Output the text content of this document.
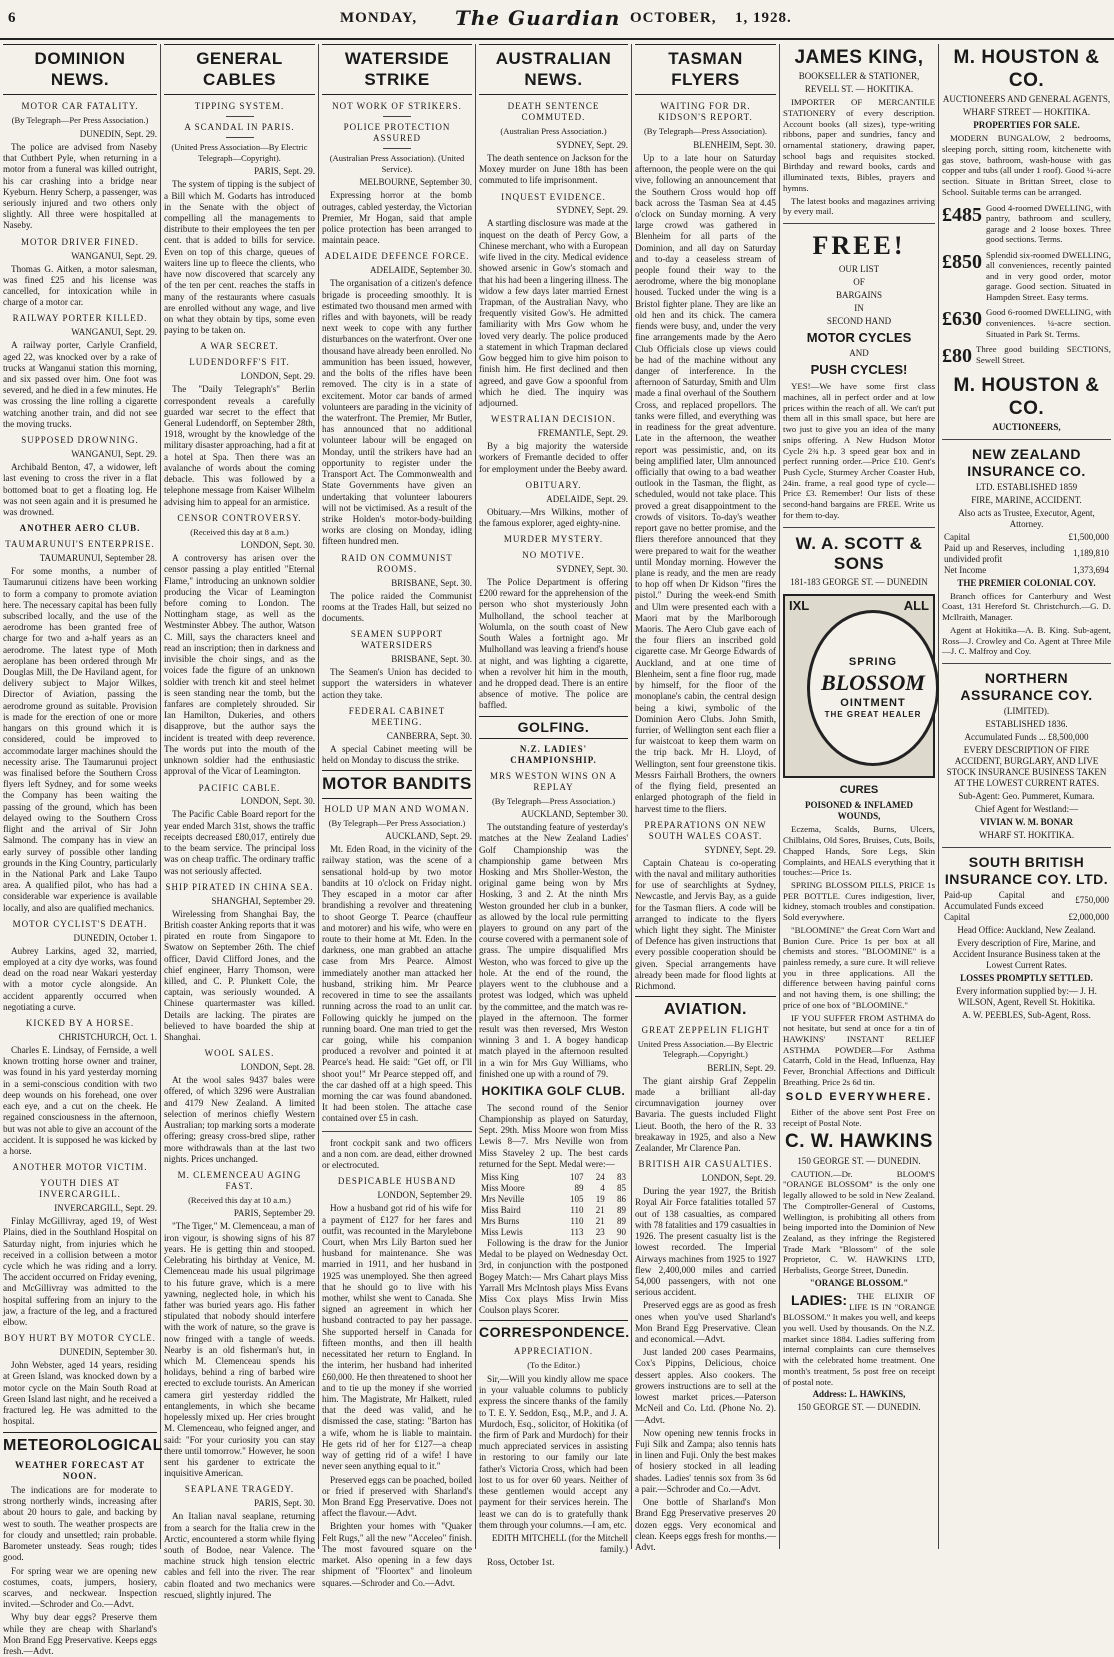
6	MONDAY, The Guardian OCTOBER, 1, 1928.
DOMINION NEWS.
MOTOR CAR FATALITY.
(By Telegraph—Per Press Association.)
DUNEDIN, Sept. 29.

The police are advised from Naseby that Cuthbert Pyle, when returning in a motor from a funeral was killed outright, his car crashing into a bridge near Kyeburn. Henry Scherp, a passenger, was seriously injured and two others only slightly. All three were hospitalled at Naseby.

MOTOR DRIVER FINED.
WANGANUI, Sept. 29.

Thomas G. Aitken, a motor salesman, was fined £25 and his license was cancelled, for intoxication while in charge of a motor car.

RAILWAY PORTER KILLED.
WANGANUI, Sept. 29.

A railway porter, Carlyle Cranfield, aged 22, was knocked over by a rake of trucks at Wanganui station this morning, and six passed over him. One foot was severed, and he died in a few minutes. He was crossing the line rolling a cigarette watching another train, and did not see the moving trucks.

SUPPOSED DROWNING.
WANGANUI, Sept. 29.

Archibald Benton, 47, a widower, left last evening to cross the river in a flat bottomed boat to get a floating log. He was not seen again and it is presumed he was drowned.

ANOTHER AERO CLUB.
TAUMARUNUI'S ENTERPRISE.
TAUMARUNUI, September 28.

For some months, a number of Taumarunui citizens have been working to form a company to promote aviation here. The necessary capital has been fully subscribed locally, and the use of the aerodrome has been granted free of charge for two and a-half years as an aerodrome. The latest type of Moth aeroplane has been ordered through Mr Douglas Mill, the De Haviland agent, for delivery subject to Major Wilkes, Director of Aviation, passing the aerodrome ground as suitable. Provision is made for the erection of one or more hangars on this ground which it is considered, could be improved to accommodate larger machines should the necessity arise. The Taumarunui project was finalised before the Southern Cross flyers left Sydney, and for some weeks the Company has been waiting the passing of the ground, which has been delayed owing to the Southern Cross flight and the arrival of Sir John Salmond. The company has in view an early survey of possible other landing grounds in the King Country, particularly in the National Park and Lake Taupo area. A qualified pilot, who has had a considerable war experience is available locally, and also are qualified mechanics.

MOTOR CYCLIST'S DEATH.
DUNEDIN, October 1.

Aubrey Larkins, aged 32, married, employed at a city dye works, was found dead on the road near Wakari yesterday with a motor cycle alongside. An accident apparently occurred when negotiating a curve.

KICKED BY A HORSE.
CHRISTCHURCH, Oct. 1.

Charles E. Lindsay, of Fernside, a well known trotting horse owner and trainer, was found in his yard yesterday morning in a semi-conscious condition with two deep wounds on his forehead, one over each eye, and a cut on the cheek. He regained consciousness in the afternoon, but was not able to give an account of the accident. It is supposed he was kicked by a horse.

ANOTHER MOTOR VICTIM.
YOUTH DIES AT INVERCARGILL.
INVERCARGILL, Sept. 29.

Finlay McGillivray, aged 19, of West Plains, died in the Southland Hospital on Saturday night, from injuries which he received in a collision between a motor cycle which he was riding and a lorry. The accident occurred on Friday evening, and McGillivray was admitted to the hospital suffering from an injury to the jaw, a fracture of the leg, and a fractured elbow.

BOY HURT BY MOTOR CYCLE.
DUNEDIN, September 30.

John Webster, aged 14 years, residing at Green Island, was knocked down by a motor cycle on the Main South Road at Green Island last night, and he received a fractured leg. He was admitted to the hospital.

METEOROLOGICAL
WEATHER FORECAST AT NOON.

The indications are for moderate to strong northerly winds, increasing after about 20 hours to gale, and backing by west to south. The weather prospects are for cloudy and unsettled; rain probable. Barometer unsteady. Seas rough; tides good.

For spring wear we are opening new costumes, coats, jumpers, hosiery, scarves, and neckwear. Inspection invited.—Schroder and Co.—Advt.

Why buy dear eggs? Preserve them while they are cheap with Sharland's Mon Brand Egg Preservative. Keeps eggs fresh.—Advt.

GENERAL CABLES
TIPPING SYSTEM.
A SCANDAL IN PARIS.
(United Press Association—By Electric Telegraph—Copyright).
PARIS, Sept. 29.

The system of tipping is the subject of a Bill which M. Godarts has introduced in the Senate with the object of compelling all the managements to distribute to their employees the ten per cent. that is added to bills for service. Even on top of this charge, queues of waiters line up to fleece the clients, who have now discovered that scarcely any of the ten per cent. reaches the staffs in many of the restaurants where casuals are enrolled without any wage, and live on what they obtain by tips, some even paying to be taken on.

A WAR SECRET.
LUDENDORFF'S FIT.
LONDON, Sept. 29.

The "Daily Telegraph's" Berlin correspondent reveals a carefully guarded war secret to the effect that General Ludendorff, on September 28th, 1918, wrought by the knowledge of the military disaster approaching, had a fit at a hotel at Spa. Then there was an avalanche of words about the coming debacle. This was followed by a telephone message from Kaiser Wilhelm advising him to appeal for an armistice.

CENSOR CONTROVERSY.
(Received this day at 8 a.m.)
LONDON, Sept. 30.

A controversy has arisen over the censor passing a play entitled "Eternal Flame," introducing an unknown soldier producing the Vicar of Leamington before coming to London. The Nottingham stage, as well as the Westminster Abbey. The author, Watson C. Mill, says the characters kneel and read an inscription; then in darkness and invisible the choir sings, and as the voices fade the figure of an unknown soldier with trench kit and steel helmet is seen standing near the tomb, but the fanfares are completely shrouded. Sir Ian Hamilton, Dukeries, and others disapprove, but the author says the incident is treated with deep reverence. The words put into the mouth of the unknown soldier had the enthusiastic approval of the Vicar of Leamington.

PACIFIC CABLE.
LONDON, Sept. 30.

The Pacific Cable Board report for the year ended March 31st, shows the traffic receipts decreased £80,017, entirely due to the beam service. The principal loss was on cheap traffic. The ordinary traffic was not seriously affected.

SHIP PIRATED IN CHINA SEA.
SHANGHAI, September 29.

Wirelessing from Shanghai Bay, the British coaster Anking reports that it was pirated en route from Singapore to Swatow on September 26th. The chief officer, David Clifford Jones, and the chief engineer, Harry Thomson, were killed, and C. P. Plunkett Cole, the captain, was seriously wounded. A Chinese quartermaster was killed. Details are lacking. The pirates are believed to have boarded the ship at Shanghai.

WOOL SALES.
LONDON, Sept. 28.

At the wool sales 9437 bales were offered, of which 3296 were Australian and 4179 New Zealand. A limited selection of merinos chiefly Western Australian; top marking sorts a moderate offering; greasy cross-bred slipe, rather more withdrawals than at the last two nights. Prices unchanged.

M. CLEMENCEAU AGING FAST.
(Received this day at 10 a.m.)
PARIS, September 29.

"The Tiger," M. Clemenceau, a man of iron vigour, is showing signs of his 87 years. He is getting thin and stooped. Celebrating his birthday at Venice, M. Clemenceau made his usual pilgrimage to his future grave, which is a mere yawning, neglected hole, in which his father was buried years ago. His father stipulated that nobody should interfere with the work of nature, so the grave is now fringed with a tangle of weeds. Nearby is an old fisherman's hut, in which M. Clemenceau spends his holidays, behind a ring of barbed wire erected to exclude tourists. An American camera girl yesterday riddled the entanglements, in which she became hopelessly mixed up. Her cries brought M. Clemenceau, who feigned anger, and said: "For your curiosity you can stay there until tomorrow." However, he soon sent his gardener to extricate the inquisitive American.

SEAPLANE TRAGEDY.
PARIS, Sept. 30.

An Italian naval seaplane, returning from a search for the Italia crew in the Arctic, encountered a storm while flying south of Bodoe, near Valence. The machine struck high tension electric cables and fell into the river. The rear cabin floated and two mechanics were rescued, slightly injured. The

WATERSIDE STRIKE
NOT WORK OF STRIKERS.
POLICE PROTECTION ASSURED
(Australian Press Association). (United Service).
MELBOURNE, September 30.

Expressing horror at the bomb outrages, cabled yesterday, the Victorian Premier, Mr Hogan, said that ample police protection has been arranged to maintain peace.

ADELAIDE DEFENCE FORCE.
ADELAIDE, September 30.

The organisation of a citizen's defence brigade is proceeding smoothly. It is estimated two thousand men armed with rifles and with bayonets, will be ready next week to cope with any further disturbances on the waterfront. Over one thousand have already been enrolled. No ammunition has been issued, however, and the bolts of the rifles have been removed. The city is in a state of excitement. Motor car bands of armed volunteers are parading in the vicinity of the waterfront. The Premier, Mr Butler, has announced that no additional volunteer labour will be engaged on Monday, until the strikers have had an opportunity to register under the Transport Act. The Commonwealth and State Governments have given an undertaking that volunteer labourers will not be victimised. As a result of the strike Holden's motor-body-building works are closing on Monday, idling fifteen hundred men.

RAID ON COMMUNIST ROOMS.
BRISBANE, Sept. 30.

The police raided the Communist rooms at the Trades Hall, but seized no documents.

SEAMEN SUPPORT WATERSIDERS
BRISBANE, Sept. 30.

The Seamen's Union has decided to support the watersiders in whatever action they take.

FEDERAL CABINET MEETING.
CANBERRA, Sept. 30.

A special Cabinet meeting will be held on Monday to discuss the strike.

MOTOR BANDITS
HOLD UP MAN AND WOMAN.
(By Telegraph—Per Press Association.)
AUCKLAND, Sept. 29.

Mt. Eden Road, in the vicinity of the railway station, was the scene of a sensational hold-up by two motor bandits at 10 o'clock on Friday night. They escaped in a motor car after brandishing a revolver and threatening to shoot George T. Pearce (chauffeur and motorer) and his wife, who were en route to their home at Mt. Eden. In the darkness, one man grabbed an attache case from Mrs Pearce. Almost immediately another man attacked her husband, striking him. Mr Pearce recovered in time to see the assailants running across the road to an unlit car. Following quickly he jumped on the running board. One man tried to get the car going, while his companion produced a revolver and pointed it at Pearce's head. He said: "Get off, or I'll shoot you!" Mr Pearce stepped off, and the car dashed off at a high speed. This morning the car was found abandoned. It had been stolen. The attache case contained over £5 in cash.

front cockpit sank and two officers and a non com. are dead, either drowned or electrocuted.

DESPICABLE HUSBAND
LONDON, September 29.

How a husband got rid of his wife for a payment of £127 for her fares and outfit, was recounted in the Marylebone Court, when Mrs Lily Barton sued her husband for maintenance. She was married in 1911, and her husband in 1925 was unemployed. She then agreed that he should go to live with his mother, whilst she went to Canada. She signed an agreement in which her husband contracted to pay her passage. She supported herself in Canada for fifteen months, and then ill health necessitated her return to England. In the interim, her husband had inherited £60,000. He then threatened to shoot her and to tie up the money if she worried him. The Magistrate, Mr Halkett, ruled that the deed was valid, and he dismissed the case, stating: "Barton has a wife, whom he is liable to maintain. He gets rid of her for £127—a cheap way of getting rid of a wife! I have never seen anything equal to it."

Preserved eggs can be poached, boiled or fried if preserved with Sharland's Mon Brand Egg Preservative. Does not affect the flavour.—Advt.

Brighten your homes with "Quaker Felt Rugs," all the new "Acceleo" finish. The most favoured square on the market. Also opening in a few days shipment of "Floortex" and linoleum squares.—Schroder and Co.—Advt.

AUSTRALIAN NEWS.
DEATH SENTENCE COMMUTED.
(Australian Press Association.)
SYDNEY, Sept. 29.

The death sentence on Jackson for the Moxey murder on June 18th has been commuted to life imprisonment.

INQUEST EVIDENCE.
SYDNEY, Sept. 29.

A startling disclosure was made at the inquest on the death of Percy Gow, a Chinese merchant, who with a European wife lived in the city. Medical evidence showed arsenic in Gow's stomach and that his had been a lingering illness. The widow a few days later married Ernest Trapman, of the Australian Navy, who frequently visited Gow's. He admitted familiarity with Mrs Gow whom he loved very dearly. The police produced a statement in which Trapman declared Gow begged him to give him poison to finish him. He first declined and then agreed, and gave Gow a spoonful from which he died. The inquiry was adjourned.

WESTRALIAN DECISION.
FREMANTLE, Sept. 29.

By a big majority the waterside workers of Fremantle decided to offer for employment under the Beeby award.

OBITUARY.
ADELAIDE, Sept. 29.

Obituary.—Mrs Wilkins, mother of the famous explorer, aged eighty-nine.

MURDER MYSTERY.
NO MOTIVE.
SYDNEY, Sept. 30.

The Police Department is offering £200 reward for the apprehension of the person who shot mysteriously John Mulholland, the school teacher at Wolumla, on the south coast of New South Wales a fortnight ago. Mr Mulholland was leaving a friend's house at night, and was lighting a cigarette, when a revolver hit him in the mouth, and he dropped dead. There is an entire absence of motive. The police are baffled.

GOLFING.
N.Z. LADIES' CHAMPIONSHIP.
MRS WESTON WINS ON A REPLAY
(By Telegraph—Press Association.)
AUCKLAND, September 30.

The outstanding feature of yesterday's matches at the New Zealand Ladies' Golf Championship was the championship game between Mrs Hosking and Mrs Sholler-Weston, the original game being won by Mrs Hosking, 3 and 2. At the ninth Mrs Weston grounded her club in a bunker, as allowed by the local rule permitting players to ground on any part of the course covered with a permanent sole of grass. The umpire disqualified Mrs Weston, who was forced to give up the hole. At the end of the round, the players went to the clubhouse and a protest was lodged, which was upheld by the committee, and the match was re-played in the afternoon. The former result was then reversed, Mrs Weston winning 3 and 1. A bogey handicap match played in the afternoon resulted in a win for Mrs Guy Williams, who finished one up with a round of 79.

HOKITIKA GOLF CLUB.

The second round of the Senior Championship as played on Saturday, Sept. 29th. Miss Moore won from Miss Lewis 8—7. Mrs Neville won from Miss Staveley 2 up. The best cards returned for the Sept. Medal were:—

Miss King	107	24	83
Miss Moore	89	4	85
Mrs Neville	105	19	86
Miss Baird	110	21	89
Mrs Burns	110	21	89
Miss Lewis	113	23	90

Following is the draw for the Junior Medal to be played on Wednesday Oct. 3rd, in conjunction with the postponed Bogey Match:— Mrs Cahart plays Miss Yarrall Mrs McIntosh plays Miss Evans Miss Cox plays Miss Irwin Miss Coulson plays Scorer.

CORRESPONDENCE.
APPRECIATION.
(To the Editor.)

Sir,—Will you kindly allow me space in your valuable columns to publicly express the sincere thanks of the family to T. E. Y. Seddon, Esq., M.P., and J. A. Murdoch, Esq., solicitor, of Hokitika (of the firm of Park and Murdoch) for their much appreciated services in assisting in restoring to our family our late father's Victoria Cross, which had been lost to us for over 60 years. Neither of these gentlemen would accept any payment for their services herein. The least we can do is to gratefully thank them through your columns.—I am, etc.

EDITH MITCHELL (for the Mitchell family.)

Ross, October 1st.

TASMAN FLYERS
WAITING FOR DR. KIDSON'S REPORT.
(By Telegraph—Press Association).
BLENHEIM, Sept. 30.

Up to a late hour on Saturday afternoon, the people were on the qui vive, following an announcement that the Southern Cross would hop off back across the Tasman Sea at 4.45 o'clock on Sunday morning. A very large crowd was gathered in Blenheim for all parts of the Dominion, and all day on Saturday and to-day a ceaseless stream of people found their way to the aerodrome, where the big monoplane housed. Tucked under the wing is a Bristol fighter plane. They are like an old hen and its chick. The camera fiends were busy, and, under the very fine arrangements made by the Aero Club Officials close up views could be had of the machine without any danger of interference. In the afternoon of Saturday, Smith and Ulm made a final overhaul of the Southern Cross, and replaced propellors. The tanks were filled, and everything was in readiness for the great adventure. Late in the afternoon, the weather report was pessimistic, and, on its being amplified later, Ulm announced officially that owing to a bad weather outlook in the Tasman, the flight, as scheduled, would not take place. This proved a great disappointment to the crowds of visitors. To-day's weather report gave no better promise, and the fliers therefore announced that they were prepared to wait for the weather until Monday morning. However the plane is ready, and the men are ready to hop off when Dr Kidson "fires the pistol." During the week-end Smith and Ulm were presented each with a Maori mat by the Marlborough Maoris. The Aero Club gave each of the four fliers an inscribed gold cigarette case. Mr George Edwards of Auckland, and at one time of Blenheim, sent a fine floor rug, made by himself, for the floor of the monoplane's cabin, the central design being a kiwi, symbolic of the Dominion Aero Clubs. John Smith, furrier, of Wellington sent each flier a fur waistcoat to keep them warm on the trip back. Mr H. Lloyd, of Wellington, sent four greenstone tikis. Messrs Fairhall Brothers, the owners of the flying field, presented an enlarged photograph of the field in harvest time to the fliers.

PREPARATIONS ON NEW SOUTH WALES COAST.
SYDNEY, Sept. 29.

Captain Chateau is co-operating with the naval and military authorities for use of searchlights at Sydney, Newcastle, and Jervis Bay, as a guide for the Tasman fliers. A code will be arranged to indicate to the flyers which light they sight. The Minister of Defence has given instructions that every possible cooperation should be given. Special arrangements have already been made for flood lights at Richmond.

AVIATION.
GREAT ZEPPELIN FLIGHT
United Press Association.—By Electric Telegraph.—Copyright.)
BERLIN, Sept. 29.

The giant airship Graf Zeppelin made a brilliant all-day circumnavigation journey over Bavaria. The guests included Flight Lieut. Booth, the hero of the R. 33 breakaway in 1925, and also a New Zealander, Mr Clarence Pan.

BRITISH AIR CASUALTIES.
LONDON, Sept. 29.

During the year 1927, the British Royal Air Force fatalities totalled 57 out of 138 casualties, as compared with 78 fatalities and 179 casualties in 1926. The present casualty list is the lowest recorded. The Imperial Airways machines from 1925 to 1927 flew 2,400,000 miles and carried 54,000 passengers, with not one serious accident.

Preserved eggs are as good as fresh ones when you've used Sharland's Mon Brand Egg Preservative. Clean and economical.—Advt.

Just landed 200 cases Pearmains, Cox's Pippins, Delicious, choice dessert apples. Also cookers. The growers instructions are to sell at the lowest market prices.—Paterson McNeil and Co. Ltd. (Phone No. 2).—Advt.

Now opening new tennis frocks in Fuji Silk and Zampa; also tennis hats in linen and Fuji. Only the best makes of hosiery stocked in all leading shades. Ladies' tennis sox from 3s 6d a pair.—Schroder and Co.—Advt.

One bottle of Sharland's Mon Brand Egg Preservative preserves 20 dozen eggs. Very economical and clean. Keeps eggs fresh for months.—Advt.

JAMES KING,
BOOKSELLER & STATIONER,
REVELL ST. — HOKITIKA.

IMPORTER OF MERCANTILE STATIONERY of every description. Account books (all sizes), type-writing ribbons, paper and sundries, fancy and ornamental stationery, drawing paper, school bags and requisites stocked. Birthday and reward books, cards and illuminated texts, Bibles, prayers and hymns.

The latest books and magazines arriving by every mail.

FREE!
OUR LIST
OF
BARGAINS
IN
SECOND HAND
MOTOR CYCLES
AND
PUSH CYCLES!

YES!—We have some first class machines, all in perfect order and at low prices within the reach of all. We can't put them all in this small space, but here are two just to give you an idea of the many snips offering. A New Hudson Motor Cycle 2¾ h.p. 3 speed gear box and in perfect running order.—Price £10. Gent's Push Cycle, Sturmey Archer Coaster Hub, 24in. frame, a real good type of cycle—Price £3. Remember! Our lists of these second-hand bargains are FREE. Write us for them to-day.

W. A. SCOTT & SONS
181-183 GEORGE ST. — DUNEDIN
IXL	ALL
SPRING
BLOSSOM
OINTMENT
THE GREAT HEALER
CURES
POISONED & INFLAMED WOUNDS,

Eczema, Scalds, Burns, Ulcers, Chilblains, Old Sores, Bruises, Cuts, Boils, Chapped Hands, Sore Legs, Skin Complaints, and HEALS everything that it touches:—Price 1s.

SPRING BLOSSOM PILLS, PRICE 1s PER BOTTLE. Cures indigestion, liver, kidney, stomach troubles and constipation. Sold everywhere.

"BLOOMINE" the Great Corn Wart and Bunion Cure. Price 1s per box at all chemists and stores. "BLOOMINE" is a painless remedy, a sure cure. It will relieve you in three applications. All the difference between having painful corns and not having them, is one shilling; the price of one box of "BLOOMINE."

IF YOU SUFFER FROM ASTHMA do not hesitate, but send at once for a tin of HAWKINS' INSTANT RELIEF ASTHMA POWDER—For Asthma Catarrh, Cold in the Head, Influenza, Hay Fever, Bronchial Affections and Difficult Breathing. Price 2s 6d tin.

SOLD EVERYWHERE.

Either of the above sent Post Free on receipt of Postal Note.

C. W. HAWKINS
150 GEORGE ST. — DUNEDIN.

CAUTION.—Dr. BLOOM'S "ORANGE BLOSSOM" is the only one legally allowed to be sold in New Zealand. The Comptroller-General of Customs, Wellington, is prohibiting all others from being imported into the Dominion of New Zealand, as they infringe the Registered Trade Mark "Blossom" of the sole Proprietor, C. W. HAWKINS LTD, Herbalists, George Street, Dunedin.

"ORANGE BLOSSOM."

LADIES: THE ELIXIR OF LIFE IS IN "ORANGE BLOSSOM." It makes you well, and keeps you well. Used by thousands. On the N.Z. market since 1884. Ladies suffering from internal complaints can cure themselves with the celebrated home treatment. One month's treatment, 5s post free on receipt of postal note.

Address: L. HAWKINS,
150 GEORGE ST. — DUNEDIN.
M. HOUSTON & CO.
AUCTIONEERS AND GENERAL AGENTS,
WHARF STREET — HOKITIKA.
PROPERTIES FOR SALE.

MODERN BUNGALOW, 2 bedrooms, sleeping porch, sitting room, kitchenette with gas stove, bathroom, wash-house with gas copper and tubs (all under 1 roof). Good ¼-acre section. Situate in Brittan Street, close to School. Suitable terms can be arranged.

£485 Good 4-roomed DWELLING, with pantry, bathroom and scullery, garage and 2 loose boxes. Three good sections. Terms.
£850 Splendid six-roomed DWELLING, all conveniences, recently painted and in very good order, motor garage. Good section. Situated in Hampden Street. Easy terms.
£630 Good 6-roomed DWELLING, with conveniences. ¼-acre section. Situated in Park St. Terms.
£80 Three good building SECTIONS, Sewell Street.
M. HOUSTON & CO.
AUCTIONEERS,
NEW ZEALAND INSURANCE CO.
LTD. ESTABLISHED 1859
FIRE, MARINE, ACCIDENT.
Also acts as Trustee, Executor, Agent, Attorney.
Capital	£1,500,000
Paid up and Reserves, including undivided profit	1,189,810
Net Income	1,373,694
THE PREMIER COLONIAL COY.

Branch offices for Canterbury and West Coast, 131 Hereford St. Christchurch.—G. D. McIlraith, Manager.

Agent at Hokitika—A. B. King. Sub-agent, Ross—J. Crowley and Co. Agent at Three Mile—J. C. Malfroy and Coy.

NORTHERN ASSURANCE COY.
(LIMITED).
ESTABLISHED 1836.
Accumulated Funds ... £8,500,000
EVERY DESCRIPTION OF FIRE ACCIDENT, BURGLARY, AND LIVE STOCK INSURANCE BUSINESS TAKEN AT THE LOWEST CURRENT RATES.
Sub-Agent: Geo. Pummeret, Kumara.
Chief Agent for Westland:—
VIVIAN W. M. BONAR
WHARF ST. HOKITIKA.
SOUTH BRITISH INSURANCE COY. LTD.
Paid-up Capital and Accumulated Funds exceed	£750,000
Capital	£2,000,000
Head Office: Auckland, New Zealand.
Every description of Fire, Marine, and Accident Insurance Business taken at the Lowest Current Rates.
LOSSES PROMPTLY SETTLED.
Every information supplied by:— J. H. WILSON, Agent, Revell St. Hokitika.
A. W. PEEBLES, Sub-Agent, Ross.
